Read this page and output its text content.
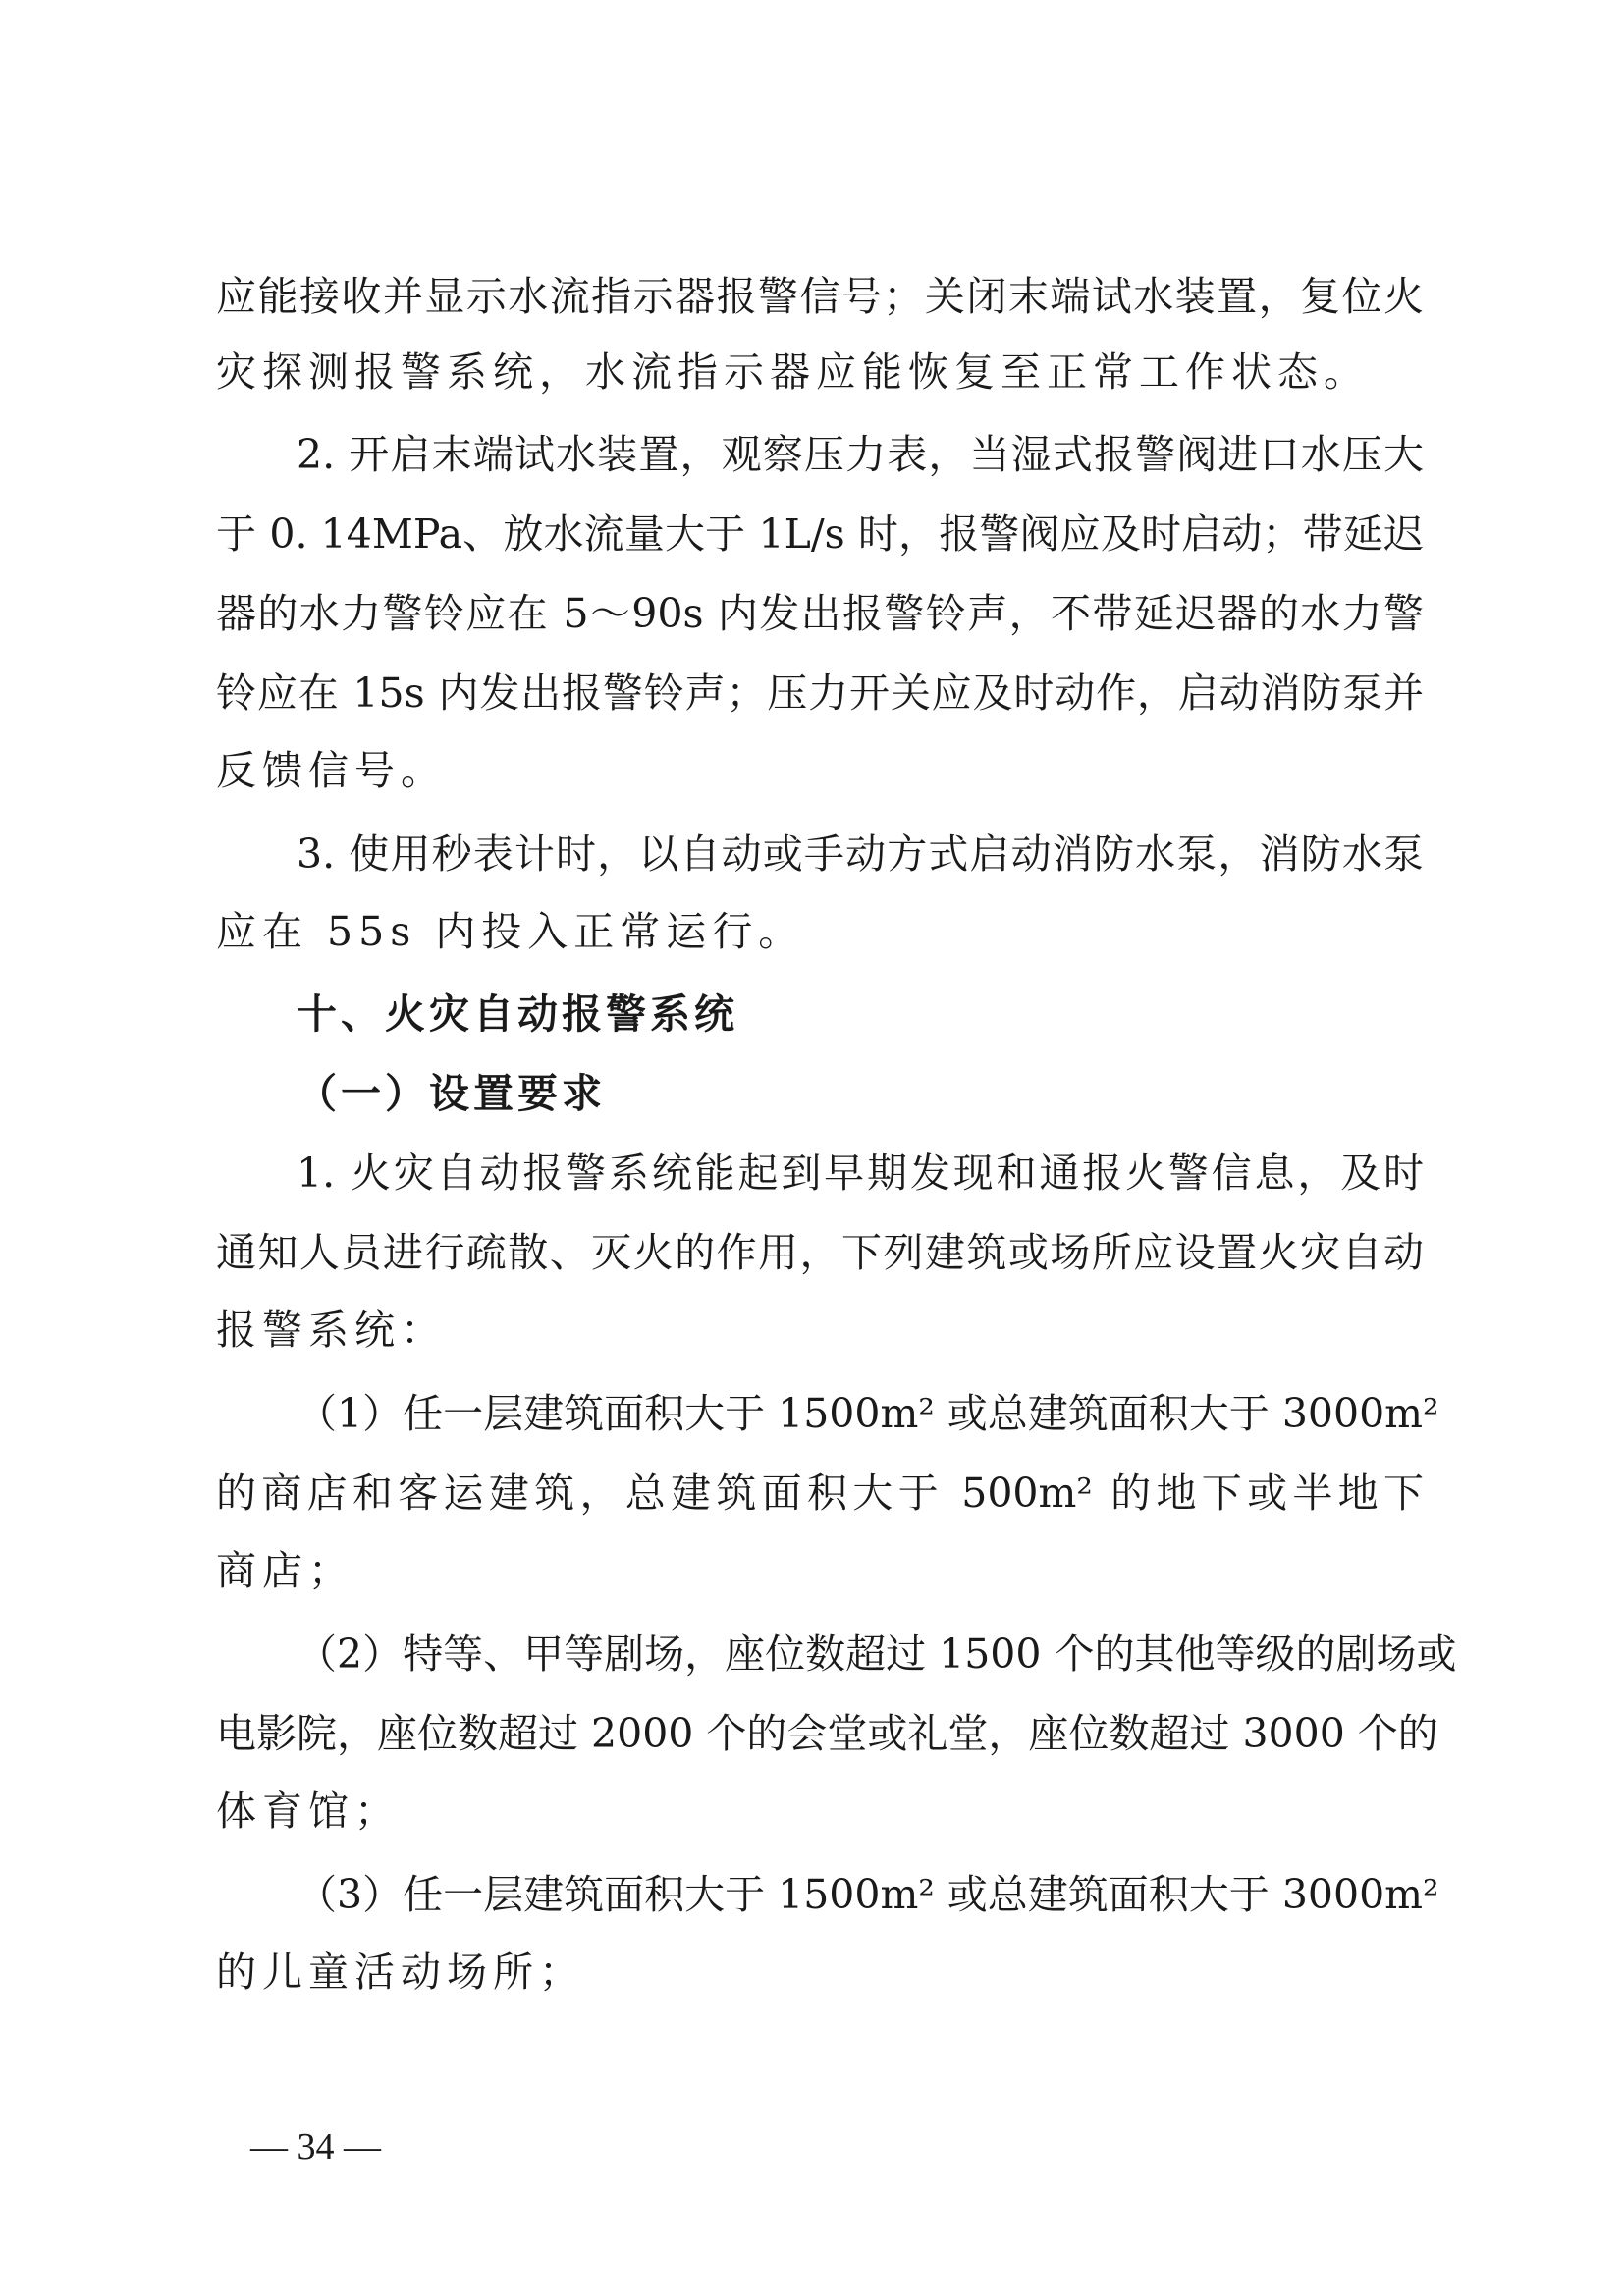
应能接收并显示水流指示器报警信号；关闭末端试水装置，复位火
灾探测报警系统，水流指示器应能恢复至正常工作状态。
2. 开启末端试水装置，观察压力表，当湿式报警阀进口水压大
于 0. 14MPa、放水流量大于 1L/s 时，报警阀应及时启动；带延迟
器的水力警铃应在 5～90s 内发出报警铃声，不带延迟器的水力警
铃应在 15s 内发出报警铃声；压力开关应及时动作，启动消防泵并
反馈信号。
3. 使用秒表计时，以自动或手动方式启动消防水泵，消防水泵
应在 55s 内投入正常运行。
十、火灾自动报警系统
（一）设置要求
1. 火灾自动报警系统能起到早期发现和通报火警信息，及时
通知人员进行疏散、灭火的作用，下列建筑或场所应设置火灾自动
报警系统：
（1）任一层建筑面积大于 1500m² 或总建筑面积大于 3000m²
的商店和客运建筑，总建筑面积大于 500m² 的地下或半地下
商店；
（2）特等、甲等剧场，座位数超过 1500 个的其他等级的剧场或
电影院，座位数超过 2000 个的会堂或礼堂，座位数超过 3000 个的
体育馆；
（3）任一层建筑面积大于 1500m² 或总建筑面积大于 3000m²
的儿童活动场所；
— 34 —
